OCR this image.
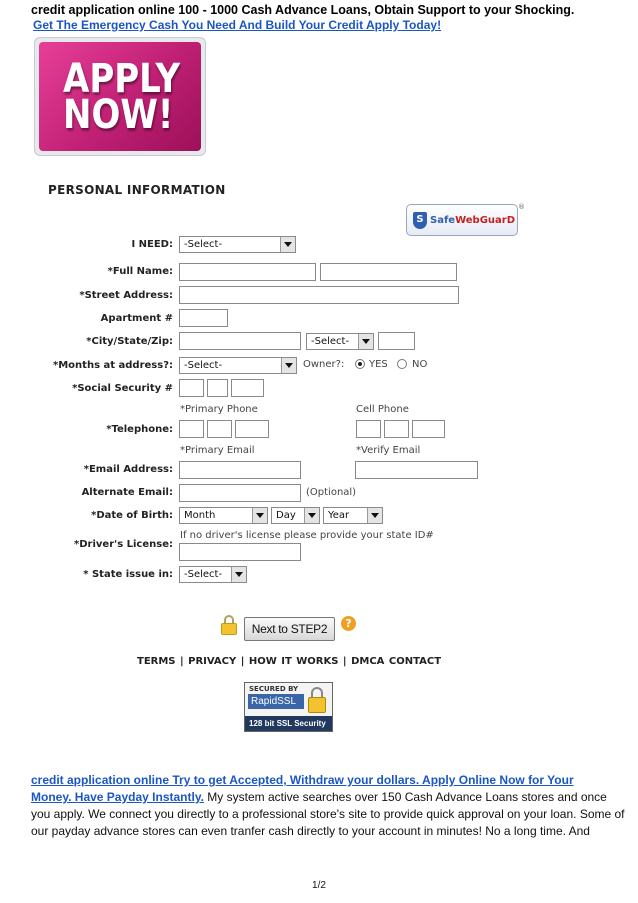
credit application online 100 - 1000 Cash Advance Loans, Obtain Support to your Shocking.
Get The Emergency Cash You Need And Build Your Credit Apply Today!
APPLY
NOW!
PERSONAL INFORMATION
S SafeWebGuarD
®
I NEED:	-Select-
*Full Name:
*Street Address:
Apartment #
*City/State/Zip:	-Select-
*Months at address?:	-Select-	Owner?: YES NO
*Social Security #
*Primary Phone	Cell Phone
*Telephone:
*Primary Email	*Verify Email
*Email Address:
Alternate Email:	(Optional)
*Date of Birth:	Month	Day	Year
If no driver's license please provide your state ID#
*Driver's License:
* State issue in:	-Select-
Next to STEP2	?
TERMS | PRIVACY | HOW IT WORKS | DMCA CONTACT
SECURED BY
RapidSSL
128 bit SSL Security
credit application online Try to get Accepted, Withdraw your dollars. Apply Online Now for Your
Money. Have Payday Instantly. My system active searches over 150 Cash Advance Loans stores and once you apply. We connect you directly to a professional store's site to provide quick approval on your loan. Some of our payday advance stores can even tranfer cash directly to your account in minutes! No a long time. And
1/2
